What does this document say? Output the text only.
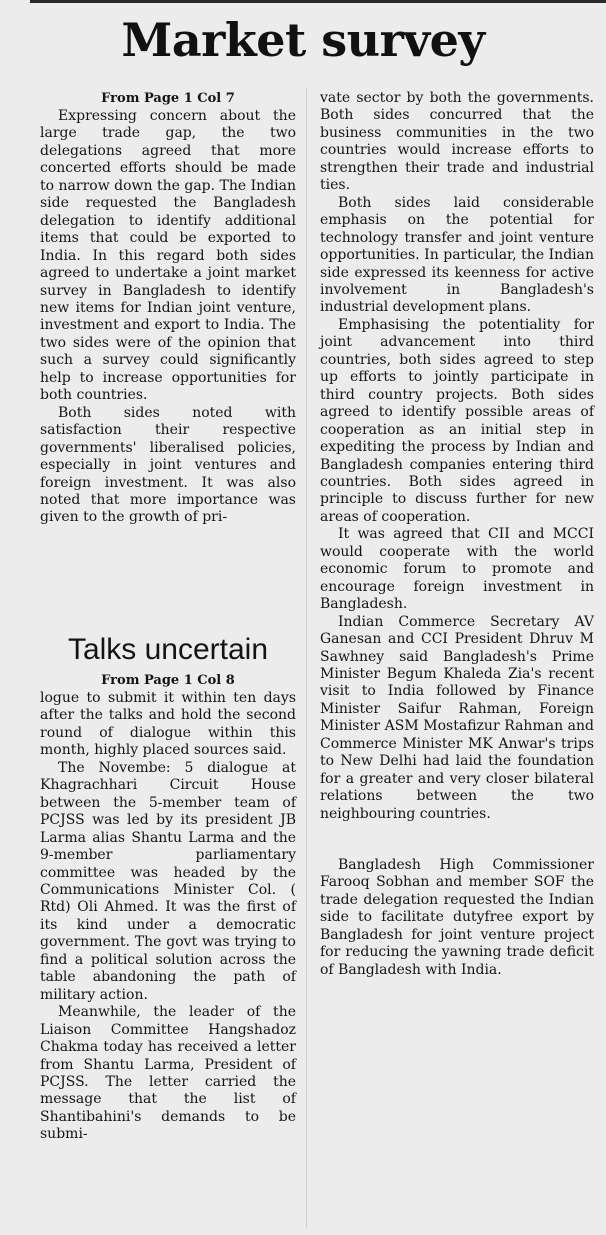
Market survey

From Page 1 Col 7

Expressing concern about the large trade gap, the two delegations agreed that more concerted efforts should be made to narrow down the gap. The Indian side requested the Bangladesh delegation to identify additional items that could be exported to India. In this regard both sides agreed to undertake a joint market survey in Bangladesh to identify new items for Indian joint venture, investment and export to India. The two sides were of the opinion that such a survey could significantly help to increase opportunities for both countries.

Both sides noted with satisfaction their respective governments' liberalised policies, especially in joint ventures and foreign investment. It was also noted that more importance was given to the growth of pri-

Talks uncertain

From Page 1 Col 8

logue to submit it within ten days after the talks and hold the second round of dialogue within this month, highly placed sources said.

The Novembe: 5 dialogue at Khagrachhari Circuit House between the 5-member team of PCJSS was led by its president JB Larma alias Shantu Larma and the 9-member parliamentary committee was headed by the Communications Minister Col. ( Rtd) Oli Ahmed. It was the first of its kind under a democratic government. The govt was trying to find a political solution across the table abandoning the path of military action.

Meanwhile, the leader of the Liaison Committee Hangshadoz Chakma today has received a letter from Shantu Larma, President of PCJSS. The letter carried the message that the list of Shantibahini's demands to be submi-

vate sector by both the governments. Both sides concurred that the business communities in the two countries would increase efforts to strengthen their trade and industrial ties.

Both sides laid considerable emphasis on the potential for technology transfer and joint venture opportunities. In particular, the Indian side expressed its keenness for active involvement in Bangladesh's industrial development plans.

Emphasising the potentiality for joint advancement into third countries, both sides agreed to step up efforts to jointly participate in third country projects. Both sides agreed to identify possible areas of cooperation as an initial step in expediting the process by Indian and Bangladesh companies entering third countries. Both sides agreed in principle to discuss further for new areas of cooperation.

It was agreed that CII and MCCI would cooperate with the world economic forum to promote and encourage foreign investment in Bangladesh.

Indian Commerce Secretary AV Ganesan and CCI President Dhruv M Sawhney said Bangladesh's Prime Minister Begum Khaleda Zia's recent visit to India followed by Finance Minister Saifur Rahman, Foreign Minister ASM Mostafizur Rahman and Commerce Minister MK Anwar's trips to New Delhi had laid the foundation for a greater and very closer bilateral relations between the two neighbouring countries.

Bangladesh High Commissioner Farooq Sobhan and member SOF the trade delegation requested the Indian side to facilitate dutyfree export by Bangladesh for joint venture project for reducing the yawning trade deficit of Bangladesh with India.
